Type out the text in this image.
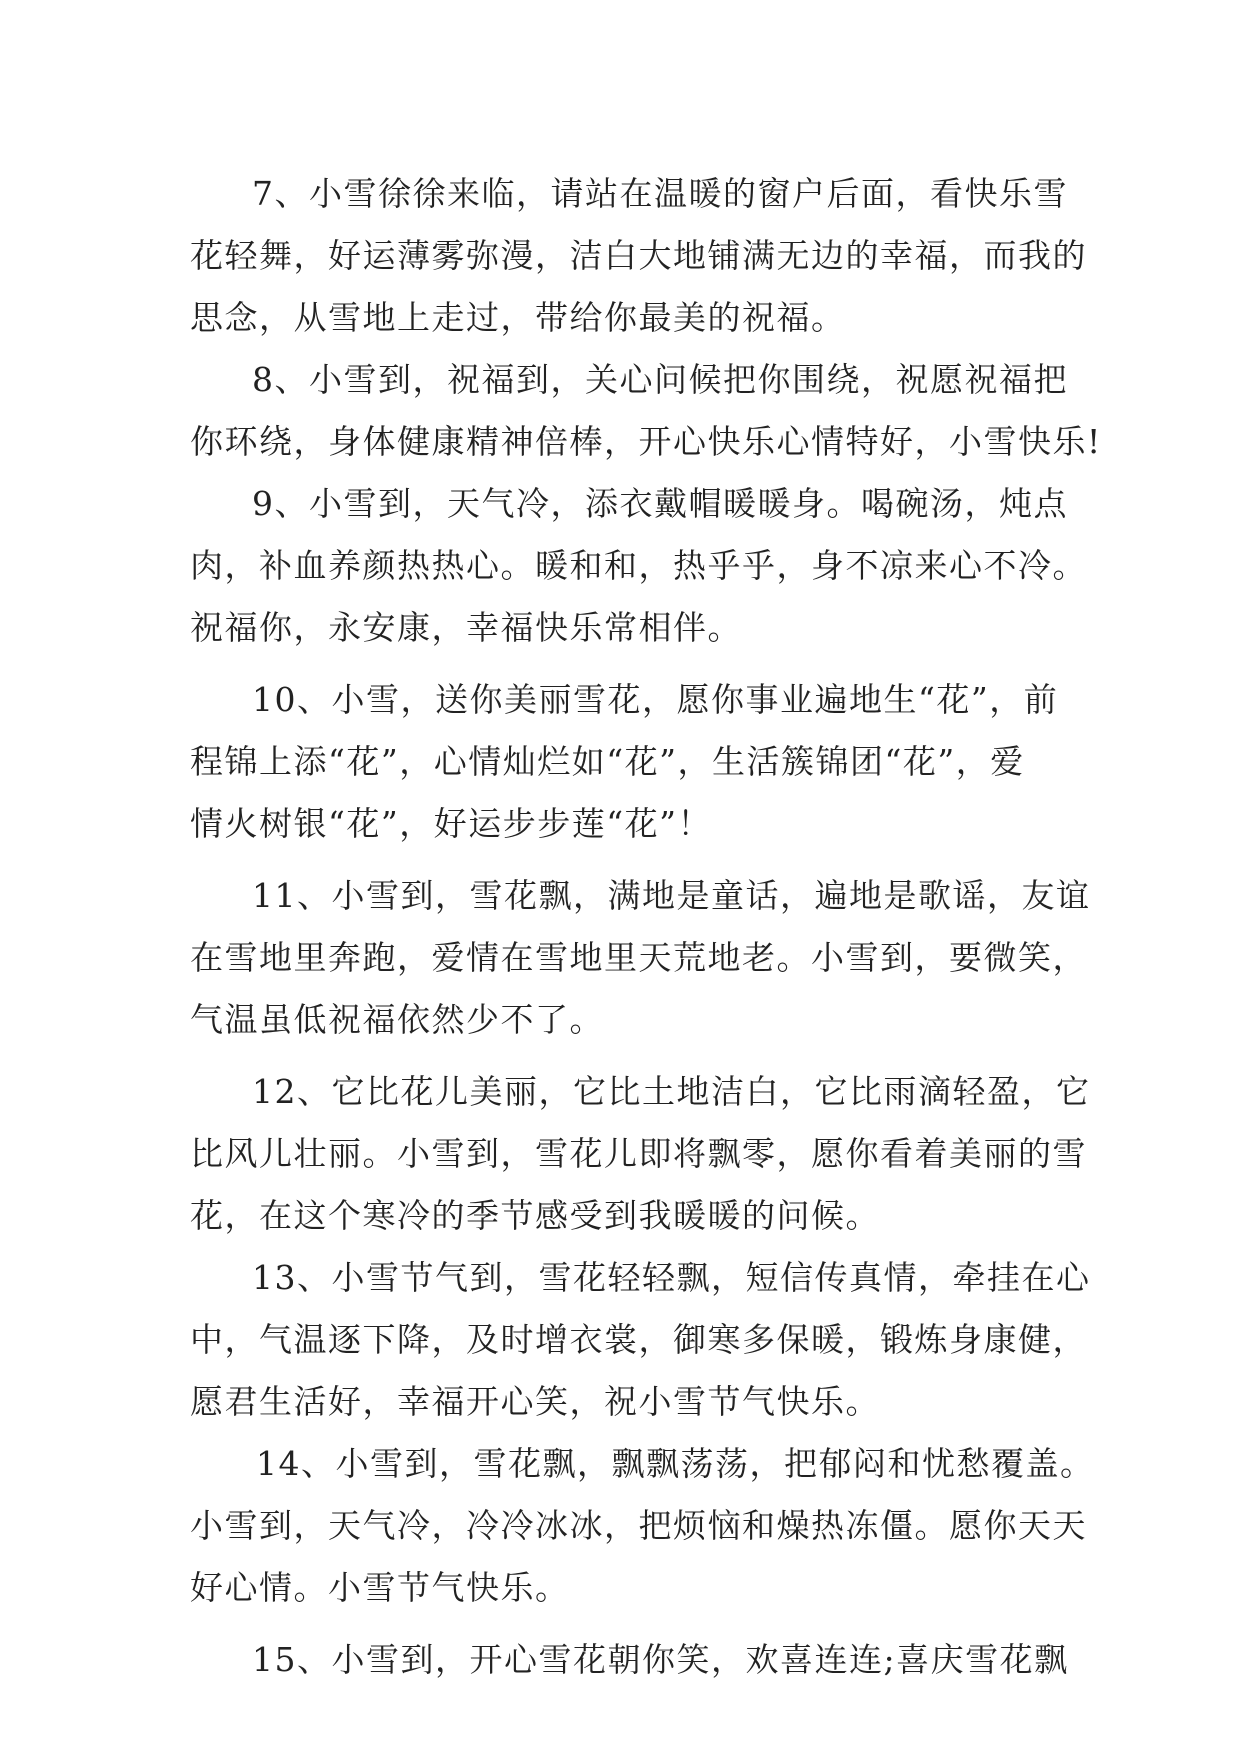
7、小雪徐徐来临，请站在温暖的窗户后面，看快乐雪
花轻舞，好运薄雾弥漫，洁白大地铺满无边的幸福，而我的
思念，从雪地上走过，带给你最美的祝福。
8、小雪到，祝福到，关心问候把你围绕，祝愿祝福把
你环绕，身体健康精神倍棒，开心快乐心情特好，小雪快乐!
9、小雪到，天气冷，添衣戴帽暖暖身。喝碗汤，炖点
肉，补血养颜热热心。暖和和，热乎乎，身不凉来心不冷。
祝福你，永安康，幸福快乐常相伴。
10、小雪，送你美丽雪花，愿你事业遍地生“花”，前
程锦上添“花”，心情灿烂如“花”，生活簇锦团“花”，爱
情火树银“花”，好运步步莲“花”！
11、小雪到，雪花飘，满地是童话，遍地是歌谣，友谊
在雪地里奔跑，爱情在雪地里天荒地老。小雪到，要微笑，
气温虽低祝福依然少不了。
12、它比花儿美丽，它比土地洁白，它比雨滴轻盈，它
比风儿壮丽。小雪到，雪花儿即将飘零，愿你看着美丽的雪
花，在这个寒冷的季节感受到我暖暖的问候。
13、小雪节气到，雪花轻轻飘，短信传真情，牵挂在心
中，气温逐下降，及时增衣裳，御寒多保暖，锻炼身康健，
愿君生活好，幸福开心笑，祝小雪节气快乐。
14、小雪到，雪花飘，飘飘荡荡，把郁闷和忧愁覆盖。
小雪到，天气冷，冷冷冰冰，把烦恼和燥热冻僵。愿你天天
好心情。小雪节气快乐。
15、小雪到，开心雪花朝你笑，欢喜连连;喜庆雪花飘
